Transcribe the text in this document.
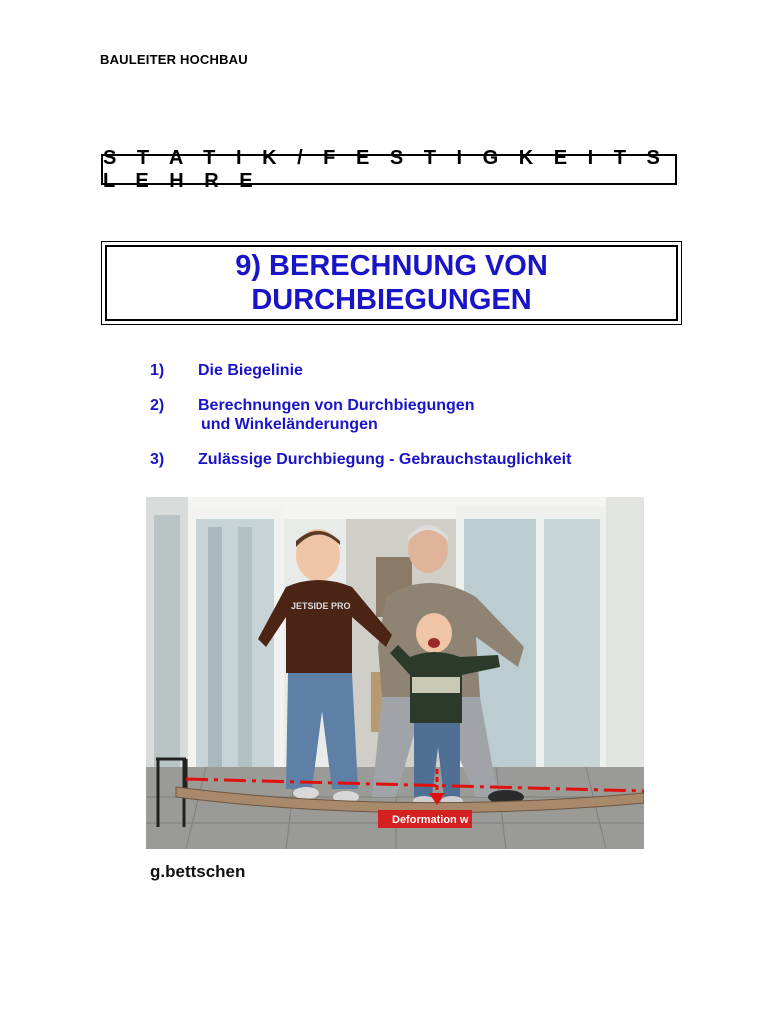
BAULEITER HOCHBAU
S T A T I K / F E S T I G K E I T S L E H R E
9) BERECHNUNG VON
DURCHBIEGUNGEN
1)	Die Biegelinie
2)	Berechnungen von Durchbiegungen
und Winkeländerungen
3)	Zulässige Durchbiegung - Gebrauchstauglichkeit
JETSIDE PRO
Deformation w
g.bettschen
